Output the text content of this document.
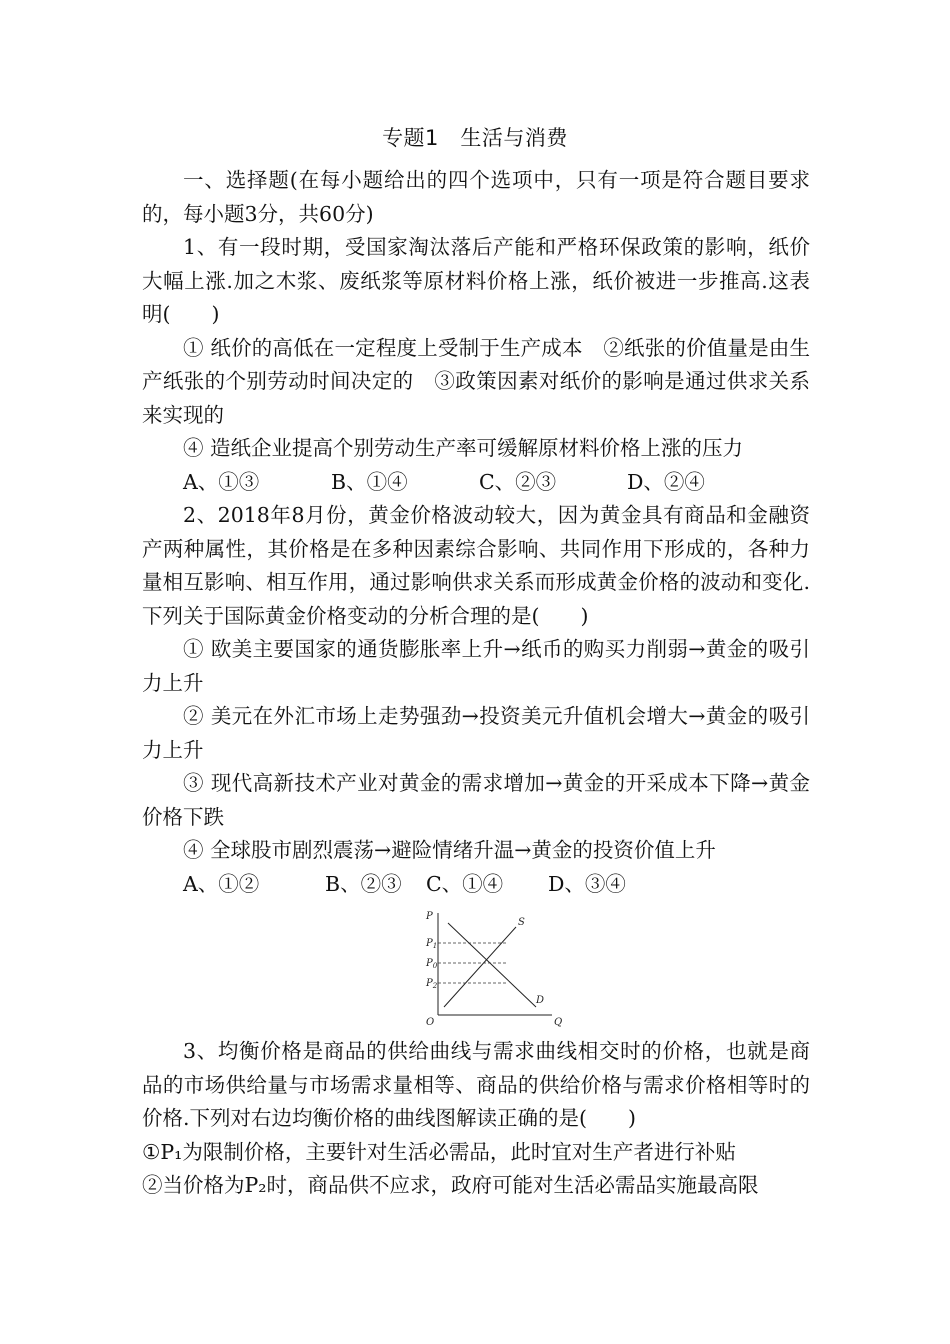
专题1　生活与消费

一、选择题(在每小题给出的四个选项中，只有一项是符合题目要求的，每小题3分，共60分)

1、有一段时期，受国家淘汰落后产能和严格环保政策的影响，纸价大幅上涨.加之木浆、废纸浆等原材料价格上涨，纸价被进一步推高.这表明(　　)

① 纸价的高低在一定程度上受制于生产成本　②纸张的价值量是由生产纸张的个别劳动时间决定的　③政策因素对纸价的影响是通过供求关系来实现的

④ 造纸企业提高个别劳动生产率可缓解原材料价格上涨的压力

A、①③	B、①④	C、②③	D、②④

2、2018年8月份，黄金价格波动较大，因为黄金具有商品和金融资产两种属性，其价格是在多种因素综合影响、共同作用下形成的，各种力量相互影响、相互作用，通过影响供求关系而形成黄金价格的波动和变化.下列关于国际黄金价格变动的分析合理的是(　　)

① 欧美主要国家的通货膨胀率上升→纸币的购买力削弱→黄金的吸引力上升

② 美元在外汇市场上走势强劲→投资美元升值机会增大→黄金的吸引力上升

③ 现代高新技术产业对黄金的需求增加→黄金的开采成本下降→黄金价格下跌

④ 全球股市剧烈震荡→避险情绪升温→黄金的投资价值上升

A、①②	B、②③ C、①④ D、③④
P
$P_1$
$P_0$
$P_2$
S
D
O	Q

3、均衡价格是商品的供给曲线与需求曲线相交时的价格，也就是商品的市场供给量与市场需求量相等、商品的供给价格与需求价格相等时的价格.下列对右边均衡价格的曲线图解读正确的是(　　)

①P₁为限制价格，主要针对生活必需品，此时宜对生产者进行补贴

②当价格为P₂时，商品供不应求，政府可能对生活必需品实施最高限
